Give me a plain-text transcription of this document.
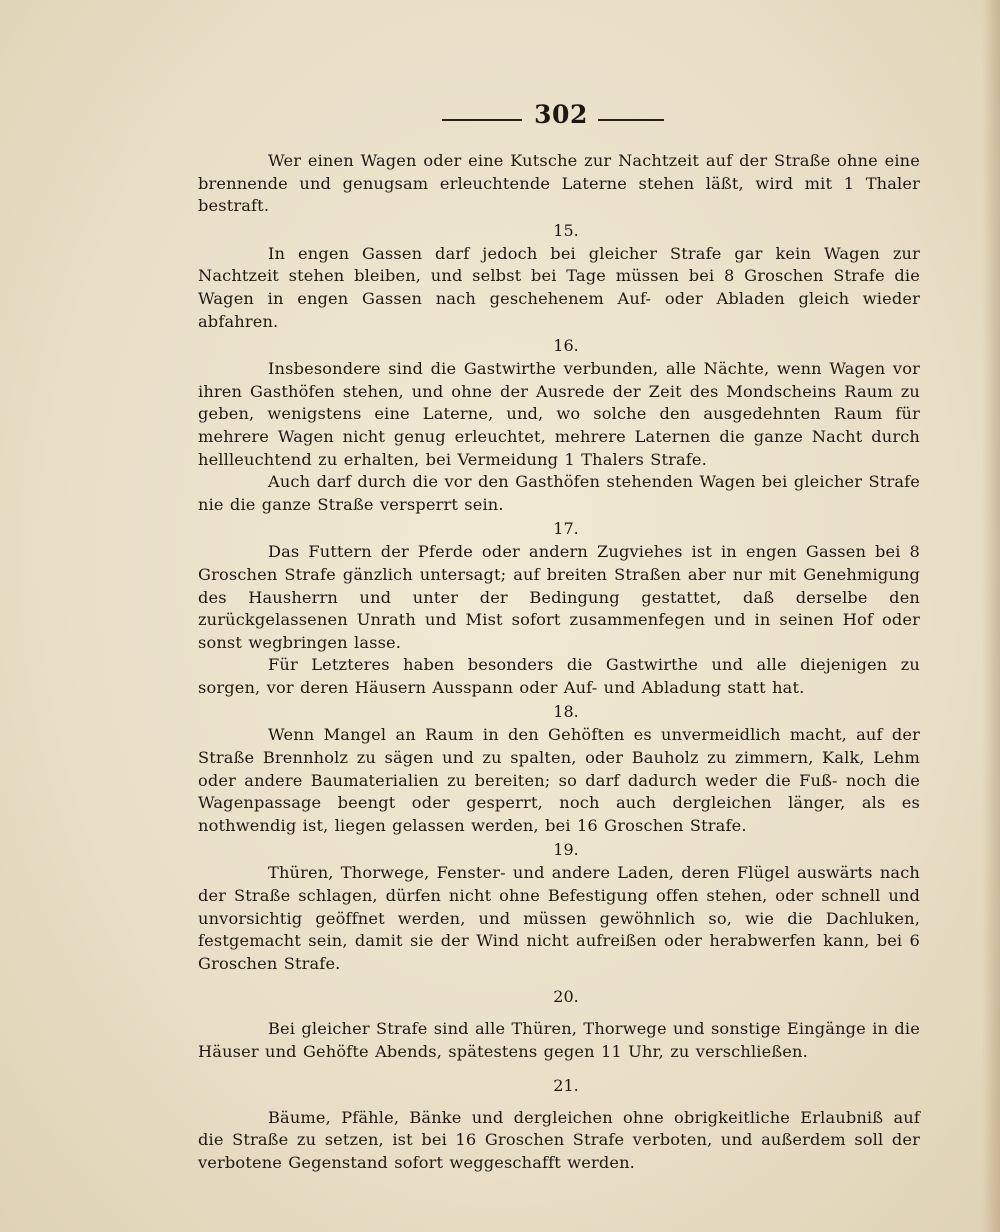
302

Wer einen Wagen oder eine Kutsche zur Nachtzeit auf der Straße ohne eine brennende und genugsam erleuchtende Laterne stehen läßt, wird mit 1 Thaler bestraft.

15.

In engen Gassen darf jedoch bei gleicher Strafe gar kein Wagen zur Nachtzeit stehen bleiben, und selbst bei Tage müssen bei 8 Groschen Strafe die Wagen in engen Gassen nach geschehenem Auf- oder Abladen gleich wieder abfahren.

16.

Insbesondere sind die Gastwirthe verbunden, alle Nächte, wenn Wagen vor ihren Gasthöfen stehen, und ohne der Ausrede der Zeit des Mondscheins Raum zu geben, wenigstens eine Laterne, und, wo solche den ausgedehnten Raum für mehrere Wagen nicht genug erleuchtet, mehrere Laternen die ganze Nacht durch hellleuchtend zu erhalten, bei Vermeidung 1 Thalers Strafe.

Auch darf durch die vor den Gasthöfen stehenden Wagen bei gleicher Strafe nie die ganze Straße versperrt sein.

17.

Das Futtern der Pferde oder andern Zugviehes ist in engen Gassen bei 8 Groschen Strafe gänzlich untersagt; auf breiten Straßen aber nur mit Genehmigung des Hausherrn und unter der Bedingung gestattet, daß derselbe den zurückgelassenen Unrath und Mist sofort zusammenfegen und in seinen Hof oder sonst wegbringen lasse.

Für Letzteres haben besonders die Gastwirthe und alle diejenigen zu sorgen, vor deren Häusern Ausspann oder Auf- und Abladung statt hat.

18.

Wenn Mangel an Raum in den Gehöften es unvermeidlich macht, auf der Straße Brennholz zu sägen und zu spalten, oder Bauholz zu zimmern, Kalk, Lehm oder andere Baumaterialien zu bereiten; so darf dadurch weder die Fuß- noch die Wagenpassage beengt oder gesperrt, noch auch dergleichen länger, als es nothwendig ist, liegen gelassen werden, bei 16 Groschen Strafe.

19.

Thüren, Thorwege, Fenster- und andere Laden, deren Flügel auswärts nach der Straße schlagen, dürfen nicht ohne Befestigung offen stehen, oder schnell und unvorsichtig geöffnet werden, und müssen gewöhnlich so, wie die Dachluken, festgemacht sein, damit sie der Wind nicht aufreißen oder herabwerfen kann, bei 6 Groschen Strafe.

20.

Bei gleicher Strafe sind alle Thüren, Thorwege und sonstige Eingänge in die Häuser und Gehöfte Abends, spätestens gegen 11 Uhr, zu verschließen.

21.

Bäume, Pfähle, Bänke und dergleichen ohne obrigkeitliche Erlaubniß auf die Straße zu setzen, ist bei 16 Groschen Strafe verboten, und außerdem soll der verbotene Gegenstand sofort weggeschafft werden.
